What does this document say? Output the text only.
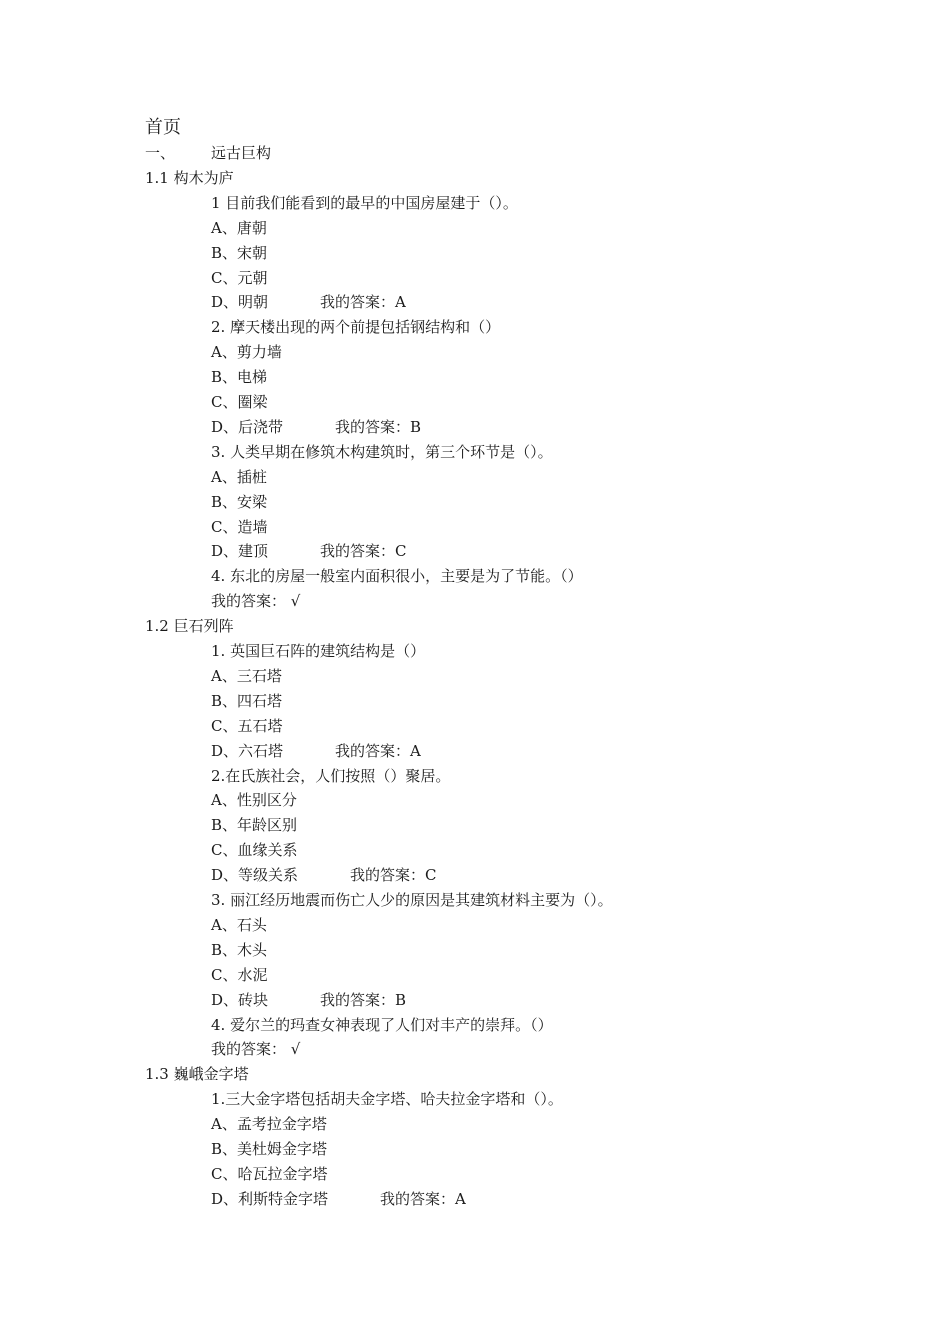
首页
一、 远古巨构
1.1 构木为庐
1 目前我们能看到的最早的中国房屋建于（）。
A、唐朝
B、宋朝
C、元朝
D、明朝	我的答案：A
2. 摩天楼出现的两个前提包括钢结构和（）
A、剪力墙
B、电梯
C、圈梁
D、后浇带	我的答案：B
3. 人类早期在修筑木构建筑时，第三个环节是（）。
A、插桩
B、安梁
C、造墙
D、建顶	我的答案：C
4. 东北的房屋一般室内面积很小，主要是为了节能。（）
我的答案： √
1.2 巨石列阵
1. 英国巨石阵的建筑结构是（）
A、三石塔
B、四石塔
C、五石塔
D、六石塔	我的答案：A
2.在氏族社会，人们按照（）聚居。
A、性别区分
B、年龄区别
C、血缘关系
D、等级关系	我的答案：C
3. 丽江经历地震而伤亡人少的原因是其建筑材料主要为（）。
A、石头
B、木头
C、水泥
D、砖块	我的答案：B
4. 爱尔兰的玛查女神表现了人们对丰产的崇拜。（）
我的答案： √
1.3 巍峨金字塔
1.三大金字塔包括胡夫金字塔、哈夫拉金字塔和（）。
A、孟考拉金字塔
B、美杜姆金字塔
C、哈瓦拉金字塔
D、利斯特金字塔	我的答案：A
